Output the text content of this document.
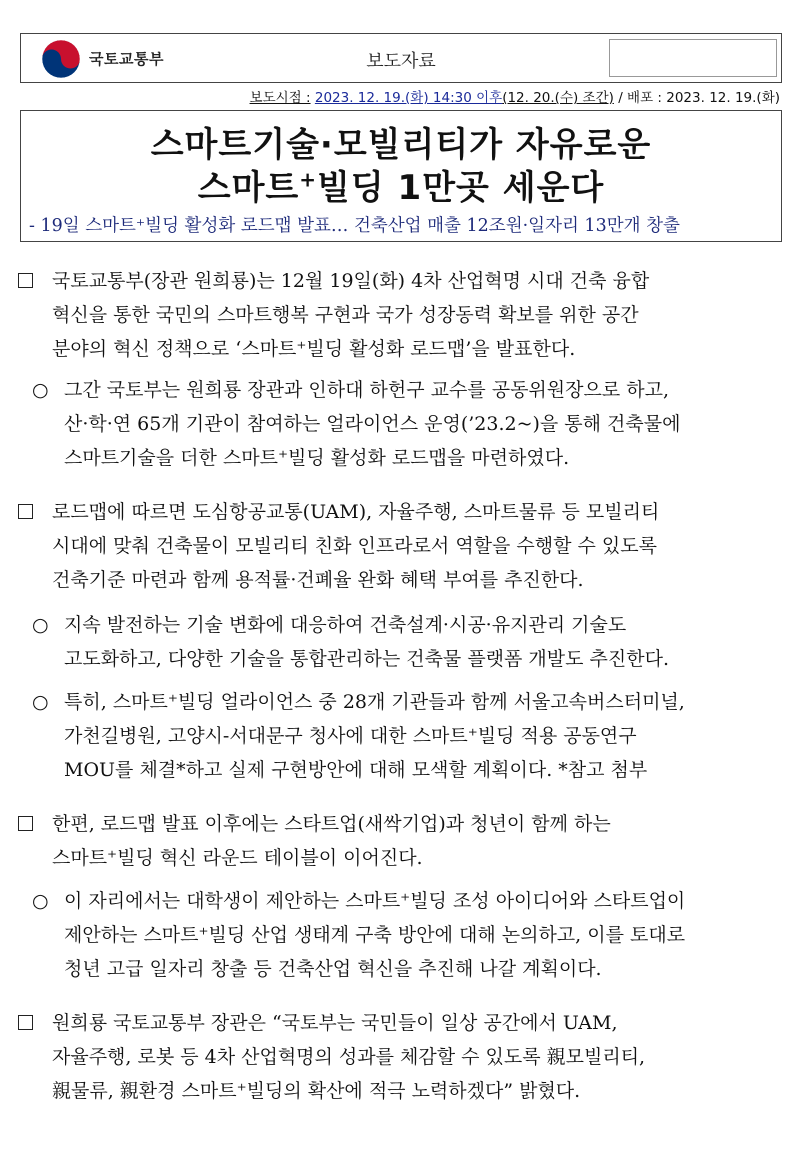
국토교통부	보도자료
보도시점 : 2023. 12. 19.(화) 14:30 이후(12. 20.(수) 조간) / 배포 : 2023. 12. 19.(화)
스마트기술·모빌리티가 자유로운
스마트+빌딩 1만곳 세운다
- 19일 스마트⁺빌딩 활성화 로드맵 발표… 건축산업 매출 12조원·일자리 13만개 창출
국토교통부(장관 원희룡)는 12월 19일(화) 4차 산업혁명 시대 건축 융합
혁신을 통한 국민의 스마트행복 구현과 국가 성장동력 확보를 위한 공간
분야의 혁신 정책으로 ‘스마트⁺빌딩 활성화 로드맵’을 발표한다.
○ 그간 국토부는 원희룡 장관과 인하대 하헌구 교수를 공동위원장으로 하고,
산·학·연 65개 기관이 참여하는 얼라이언스 운영(’23.2~)을 통해 건축물에
스마트기술을 더한 스마트⁺빌딩 활성화 로드맵을 마련하였다.
로드맵에 따르면 도심항공교통(UAM), 자율주행, 스마트물류 등 모빌리티
시대에 맞춰 건축물이 모빌리티 친화 인프라로서 역할을 수행할 수 있도록
건축기준 마련과 함께 용적률·건폐율 완화 혜택 부여를 추진한다.
○ 지속 발전하는 기술 변화에 대응하여 건축설계·시공·유지관리 기술도
고도화하고, 다양한 기술을 통합관리하는 건축물 플랫폼 개발도 추진한다.
○ 특히, 스마트⁺빌딩 얼라이언스 중 28개 기관들과 함께 서울고속버스터미널,
가천길병원, 고양시-서대문구 청사에 대한 스마트⁺빌딩 적용 공동연구
MOU를 체결*하고 실제 구현방안에 대해 모색할 계획이다. *참고 첨부
한편, 로드맵 발표 이후에는 스타트업(새싹기업)과 청년이 함께 하는
스마트⁺빌딩 혁신 라운드 테이블이 이어진다.
○ 이 자리에서는 대학생이 제안하는 스마트⁺빌딩 조성 아이디어와 스타트업이
제안하는 스마트⁺빌딩 산업 생태계 구축 방안에 대해 논의하고, 이를 토대로
청년 고급 일자리 창출 등 건축산업 혁신을 추진해 나갈 계획이다.
원희룡 국토교통부 장관은 “국토부는 국민들이 일상 공간에서 UAM,
자율주행, 로봇 등 4차 산업혁명의 성과를 체감할 수 있도록 親모빌리티,
親물류, 親환경 스마트⁺빌딩의 확산에 적극 노력하겠다” 밝혔다.
